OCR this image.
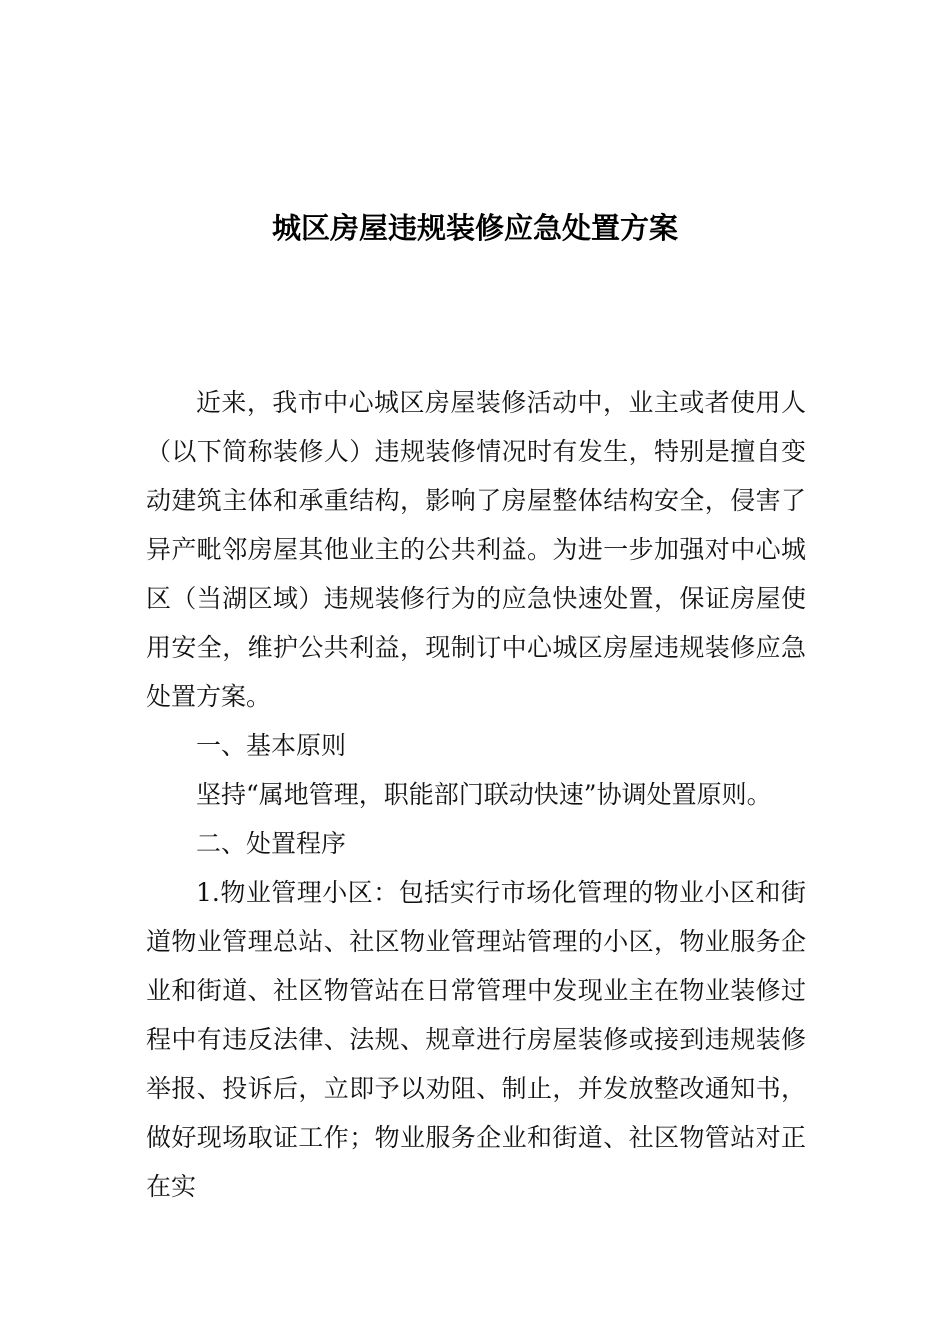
城区房屋违规装修应急处置方案

近来，我市中心城区房屋装修活动中，业主或者使用人（以下简称装修人）违规装修情况时有发生，特别是擅自变动建筑主体和承重结构，影响了房屋整体结构安全，侵害了异产毗邻房屋其他业主的公共利益。为进一步加强对中心城区（当湖区域）违规装修行为的应急快速处置，保证房屋使用安全，维护公共利益，现制订中心城区房屋违规装修应急处置方案。

一、基本原则

坚持“属地管理，职能部门联动快速”协调处置原则。

二、处置程序

1.物业管理小区：包括实行市场化管理的物业小区和街道物业管理总站、社区物业管理站管理的小区，物业服务企业和街道、社区物管站在日常管理中发现业主在物业装修过程中有违反法律、法规、规章进行房屋装修或接到违规装修举报、投诉后，立即予以劝阻、制止，并发放整改通知书，做好现场取证工作；物业服务企业和街道、社区物管站对正在实
